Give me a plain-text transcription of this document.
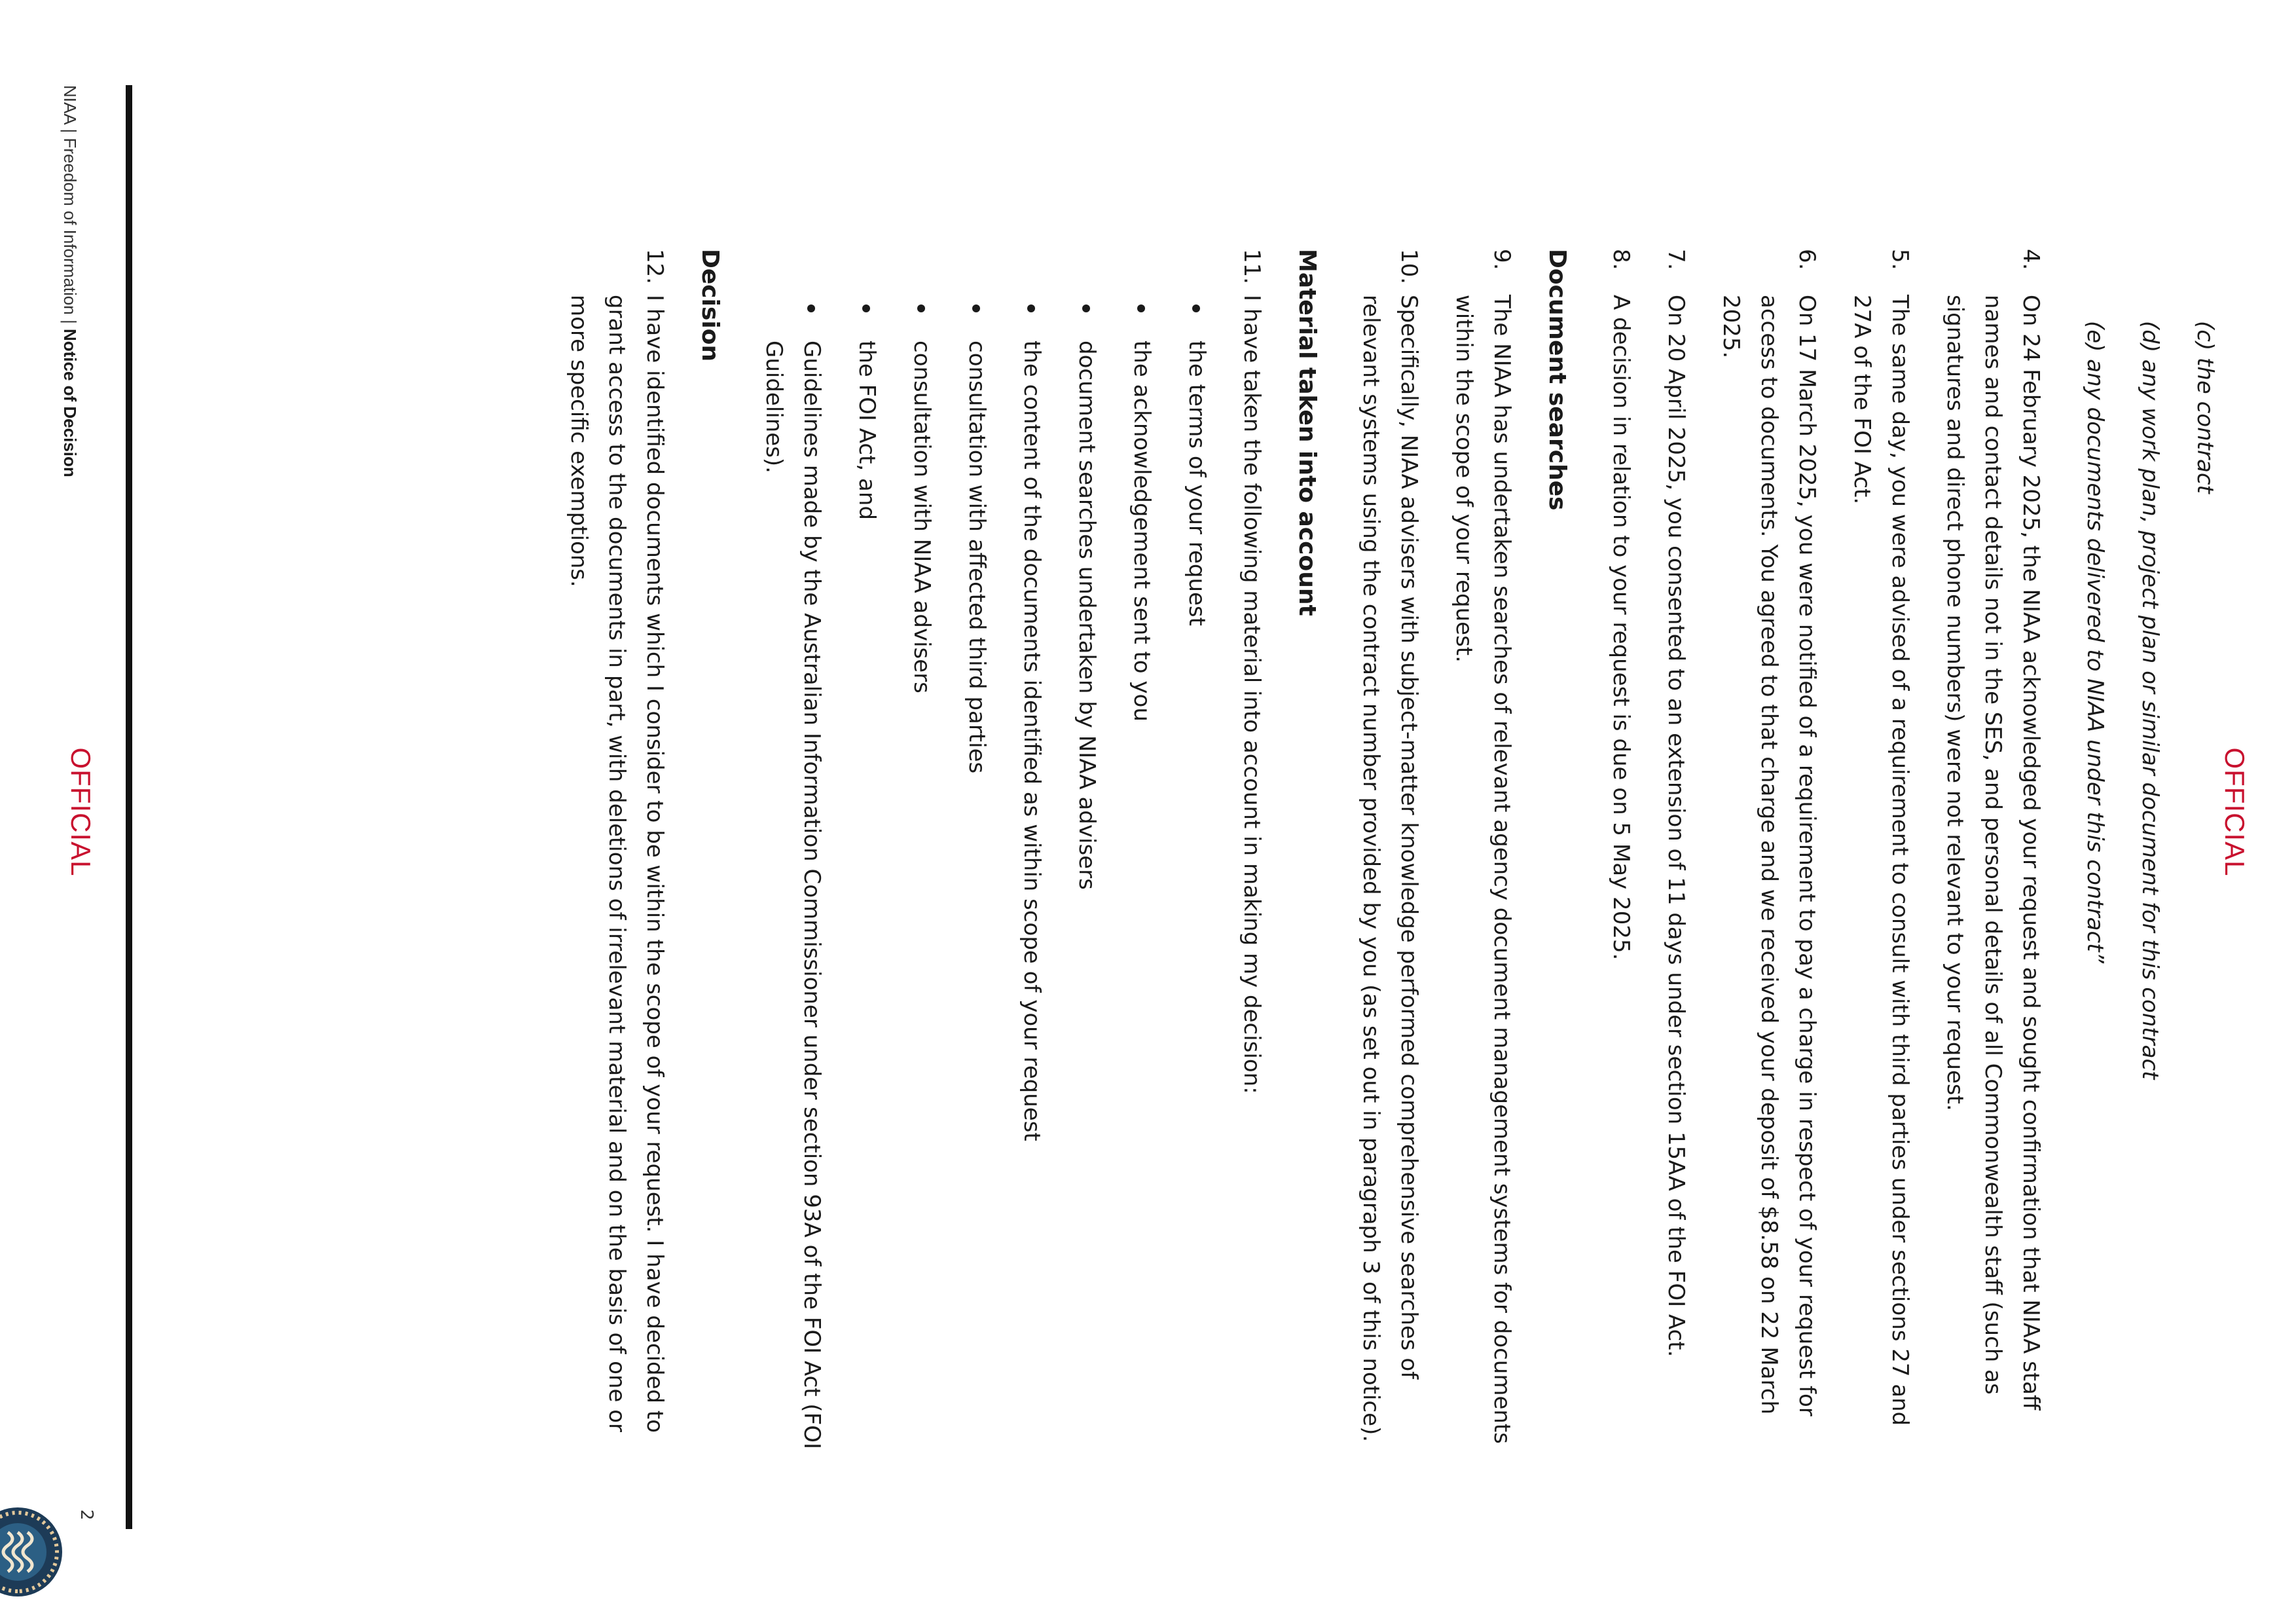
OFFICIAL
(c) the contract
(d) any work plan, project plan or similar document for this contract
(e) any documents delivered to NIAA under this contract”

4.
On 24 February 2025, the NIAA acknowledged your request and sought confirmation that NIAA staff names and contact details not in the SES, and personal details of all Commonwealth staff (such as signatures and direct phone numbers) were not relevant to your request.

5.
The same day, you were advised of a requirement to consult with third parties under sections 27 and 27A of the FOI Act.

6.
On 17 March 2025, you were notified of a requirement to pay a charge in respect of your request for access to documents. You agreed to that charge and we received your deposit of $8.58 on 22 March 2025.

7.
On 20 April 2025, you consented to an extension of 11 days under section 15AA of the FOI Act.

8.
A decision in relation to your request is due on 5 May 2025.

Document searches

9.
The NIAA has undertaken searches of relevant agency document management systems for documents within the scope of your request.

10.
Specifically, NIAA advisers with subject-matter knowledge performed comprehensive searches of relevant systems using the contract number provided by you (as set out in paragraph 3 of this notice).

Material taken into account

11.
I have taken the following material into account in making my decision:

the terms of your request
the acknowledgement sent to you
document searches undertaken by NIAA advisers
the content of the documents identified as within scope of your request
consultation with affected third parties
consultation with NIAA advisers
the FOI Act, and
Guidelines made by the Australian Information Commissioner under section 93A of the FOI Act (FOI Guidelines).

Decision

12.
I have identified documents which I consider to be within the scope of your request. I have decided to grant access to the documents in part, with deletions of irrelevant material and on the basis of one or more specific exemptions.

NIAA | Freedom of Information | Notice of Decision
OFFICIAL
2
